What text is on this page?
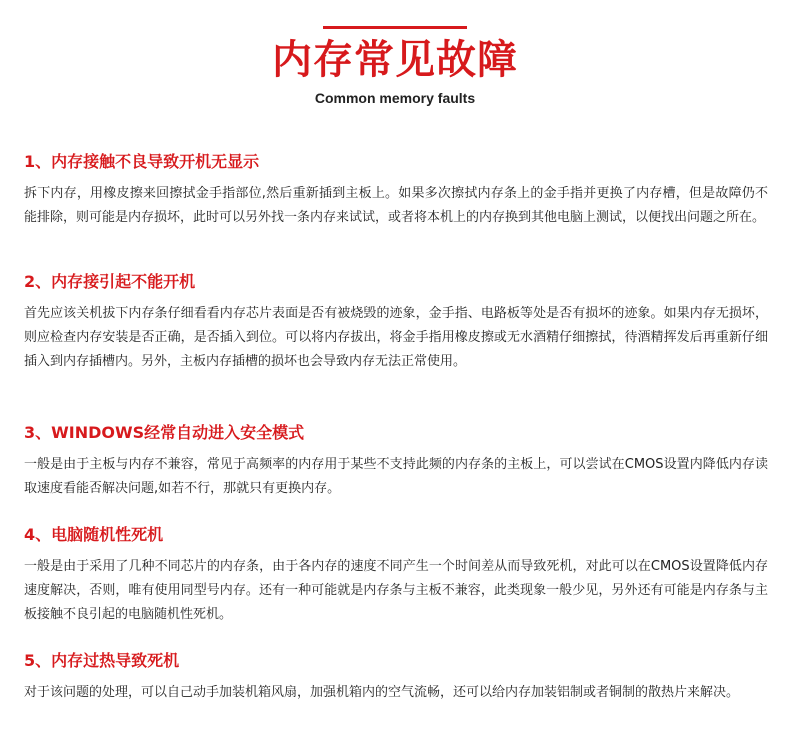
内存常见故障
Common memory faults
1、内存接触不良导致开机无显示

拆下内存，用橡皮擦来回擦拭金手指部位,然后重新插到主板上。如果多次擦拭内存条上的金手指并更换了内存槽，但是故障仍不能排除，则可能是内存损坏，此时可以另外找一条内存来试试，或者将本机上的内存换到其他电脑上测试，以便找出问题之所在。

2、内存接引起不能开机

首先应该关机拔下内存条仔细看看内存芯片表面是否有被烧毁的迹象，金手指、电路板等处是否有损坏的迹象。如果内存无损坏，则应检查内存安装是否正确，是否插入到位。可以将内存拔出，将金手指用橡皮擦或无水酒精仔细擦拭，待酒精挥发后再重新仔细插入到内存插槽内。另外，主板内存插槽的损坏也会导致内存无法正常使用。

3、WINDOWS经常自动进入安全模式

一般是由于主板与内存不兼容，常见于高频率的内存用于某些不支持此频的内存条的主板上，可以尝试在CMOS设置内降低内存读取速度看能否解决问题,如若不行，那就只有更换内存。

4、电脑随机性死机

一般是由于采用了几种不同芯片的内存条，由于各内存的速度不同产生一个时间差从而导致死机，对此可以在CMOS设置降低内存速度解决，否则，唯有使用同型号内存。还有一种可能就是内存条与主板不兼容，此类现象一般少见，另外还有可能是内存条与主板接触不良引起的电脑随机性死机。

5、内存过热导致死机

对于该问题的处理，可以自己动手加装机箱风扇，加强机箱内的空气流畅，还可以给内存加装铝制或者铜制的散热片来解决。
